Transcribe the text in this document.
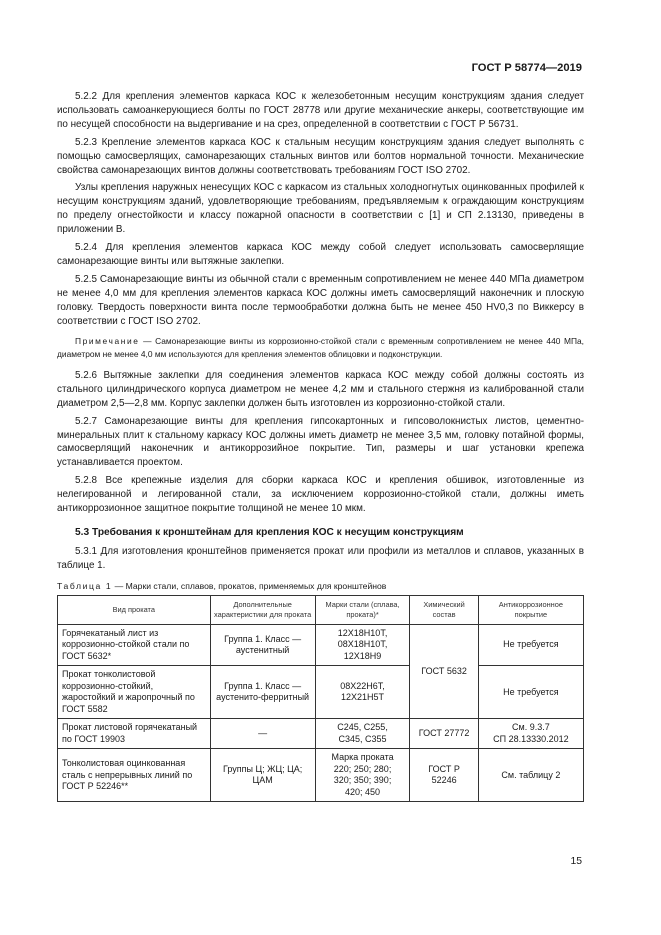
ГОСТ Р 58774—2019

5.2.2 Для крепления элементов каркаса КОС к железобетонным несущим конструкциям здания следует использовать самоанкерующиеся болты по ГОСТ 28778 или другие механические анкеры, соответствующие им по несущей способности на выдергивание и на срез, определенной в соответствии с ГОСТ Р 56731.

5.2.3 Крепление элементов каркаса КОС к стальным несущим конструкциям здания следует выполнять с помощью самосверлящих, самонарезающих стальных винтов или болтов нормальной точности. Механические свойства самонарезающих винтов должны соответствовать требованиям ГОСТ ISO 2702.

Узлы крепления наружных ненесущих КОС с каркасом из стальных холодногнутых оцинкованных профилей к несущим конструкциям зданий, удовлетворяющие требованиям, предъявляемым к ограждающим конструкциям по пределу огнестойкости и классу пожарной опасности в соответствии с [1] и СП 2.13130, приведены в приложении В.

5.2.4 Для крепления элементов каркаса КОС между собой следует использовать самосверлящие самонарезающие винты или вытяжные заклепки.

5.2.5 Самонарезающие винты из обычной стали с временным сопротивлением не менее 440 МПа диаметром не менее 4,0 мм для крепления элементов каркаса КОС должны иметь самосверлящий наконечник и плоскую головку. Твердость поверхности винта после термообработки должна быть не менее 450 HV0,3 по Виккерсу в соответствии с ГОСТ ISO 2702.

Примечание — Самонарезающие винты из коррозионно-стойкой стали с временным сопротивлением не менее 440 МПа, диаметром не менее 4,0 мм используются для крепления элементов облицовки и подконструкции.

5.2.6 Вытяжные заклепки для соединения элементов каркаса КОС между собой должны состоять из стального цилиндрического корпуса диаметром не менее 4,2 мм и стального стержня из калиброванной стали диаметром 2,5—2,8 мм. Корпус заклепки должен быть изготовлен из коррозионно-стойкой стали.

5.2.7 Самонарезающие винты для крепления гипсокартонных и гипсоволокнистых листов, цементно-минеральных плит к стальному каркасу КОС должны иметь диаметр не менее 3,5 мм, головку потайной формы, самосверлящий наконечник и антикоррозийное покрытие. Тип, размеры и шаг установки крепежа устанавливается проектом.

5.2.8 Все крепежные изделия для сборки каркаса КОС и крепления обшивок, изготовленные из нелегированной и легированной стали, за исключением коррозионно-стойкой стали, должны иметь антикоррозионное защитное покрытие толщиной не менее 10 мкм.

5.3 Требования к кронштейнам для крепления КОС к несущим конструкциям

5.3.1 Для изготовления кронштейнов применяется прокат или профили из металлов и сплавов, указанных в таблице 1.

Таблица 1 — Марки стали, сплавов, прокатов, применяемых для кронштейнов
Вид проката	Дополнительные характеристики для проката	Марки стали (сплава, проката)*	Химический состав	Антикоррозионное покрытие
Горячекатаный лист из коррозионно-стойкой стали по ГОСТ 5632*	Группа 1. Класс — аустенитный	12Х18Н10Т,
08Х18Н10Т,
12Х18Н9	ГОСТ 5632	Не требуется
Прокат тонколистовой коррозионно-стойкий, жаростойкий и жаропрочный по ГОСТ 5582	Группа 1. Класс — аустенито-ферритный	08Х22Н6Т,
12Х21Н5Т		Не требуется
Прокат листовой горячекатаный по ГОСТ 19903	—	С245, С255,
С345, С355	ГОСТ 27772	См. 9.3.7
СП 28.13330.2012
Тонколистовая оцинкованная сталь с непрерывных линий по ГОСТ Р 52246**	Группы Ц; ЖЦ; ЦА; ЦАМ	Марка проката
220; 250; 280;
320; 350; 390;
420; 450	ГОСТ Р
52246	См. таблицу 2
15
